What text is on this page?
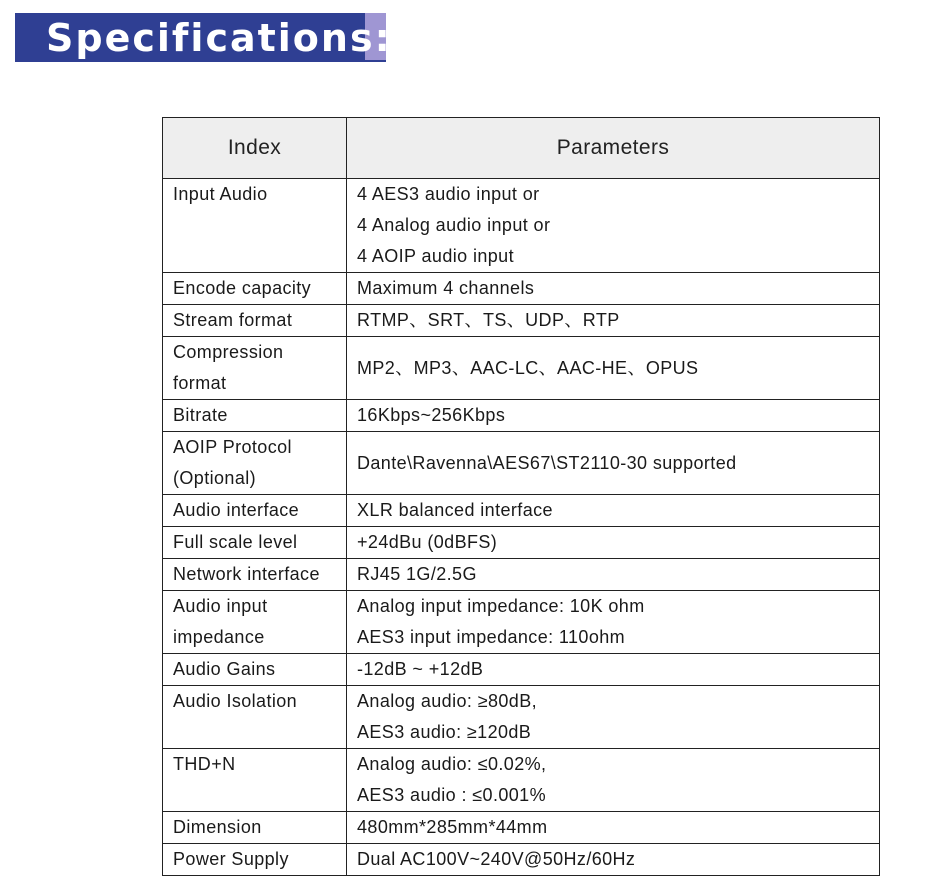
Specifications:
Index	Parameters

Input Audio	4 AES3 audio input or
4 Analog audio input or
4 AOIP audio input

Encode capacity	Maximum 4 channels

Stream format	RTMP、SRT、TS、UDP、RTP

Compression
format	MP2、MP3、AAC-LC、AAC-HE、OPUS

Bitrate	16Kbps~256Kbps

AOIP Protocol
(Optional)	Dante\Ravenna\AES67\ST2110-30 supported

Audio interface	XLR balanced interface

Full scale level	+24dBu (0dBFS)

Network interface	RJ45 1G/2.5G

Audio input
impedance	Analog input impedance: 10K ohm
AES3 input impedance: 110ohm

Audio Gains	-12dB ~ +12dB

Audio Isolation	Analog audio: ≥80dB,
AES3 audio: ≥120dB

THD+N	Analog audio: ≤0.02%,
AES3 audio : ≤0.001%

Dimension	480mm*285mm*44mm

Power Supply	Dual AC100V~240V@50Hz/60Hz
